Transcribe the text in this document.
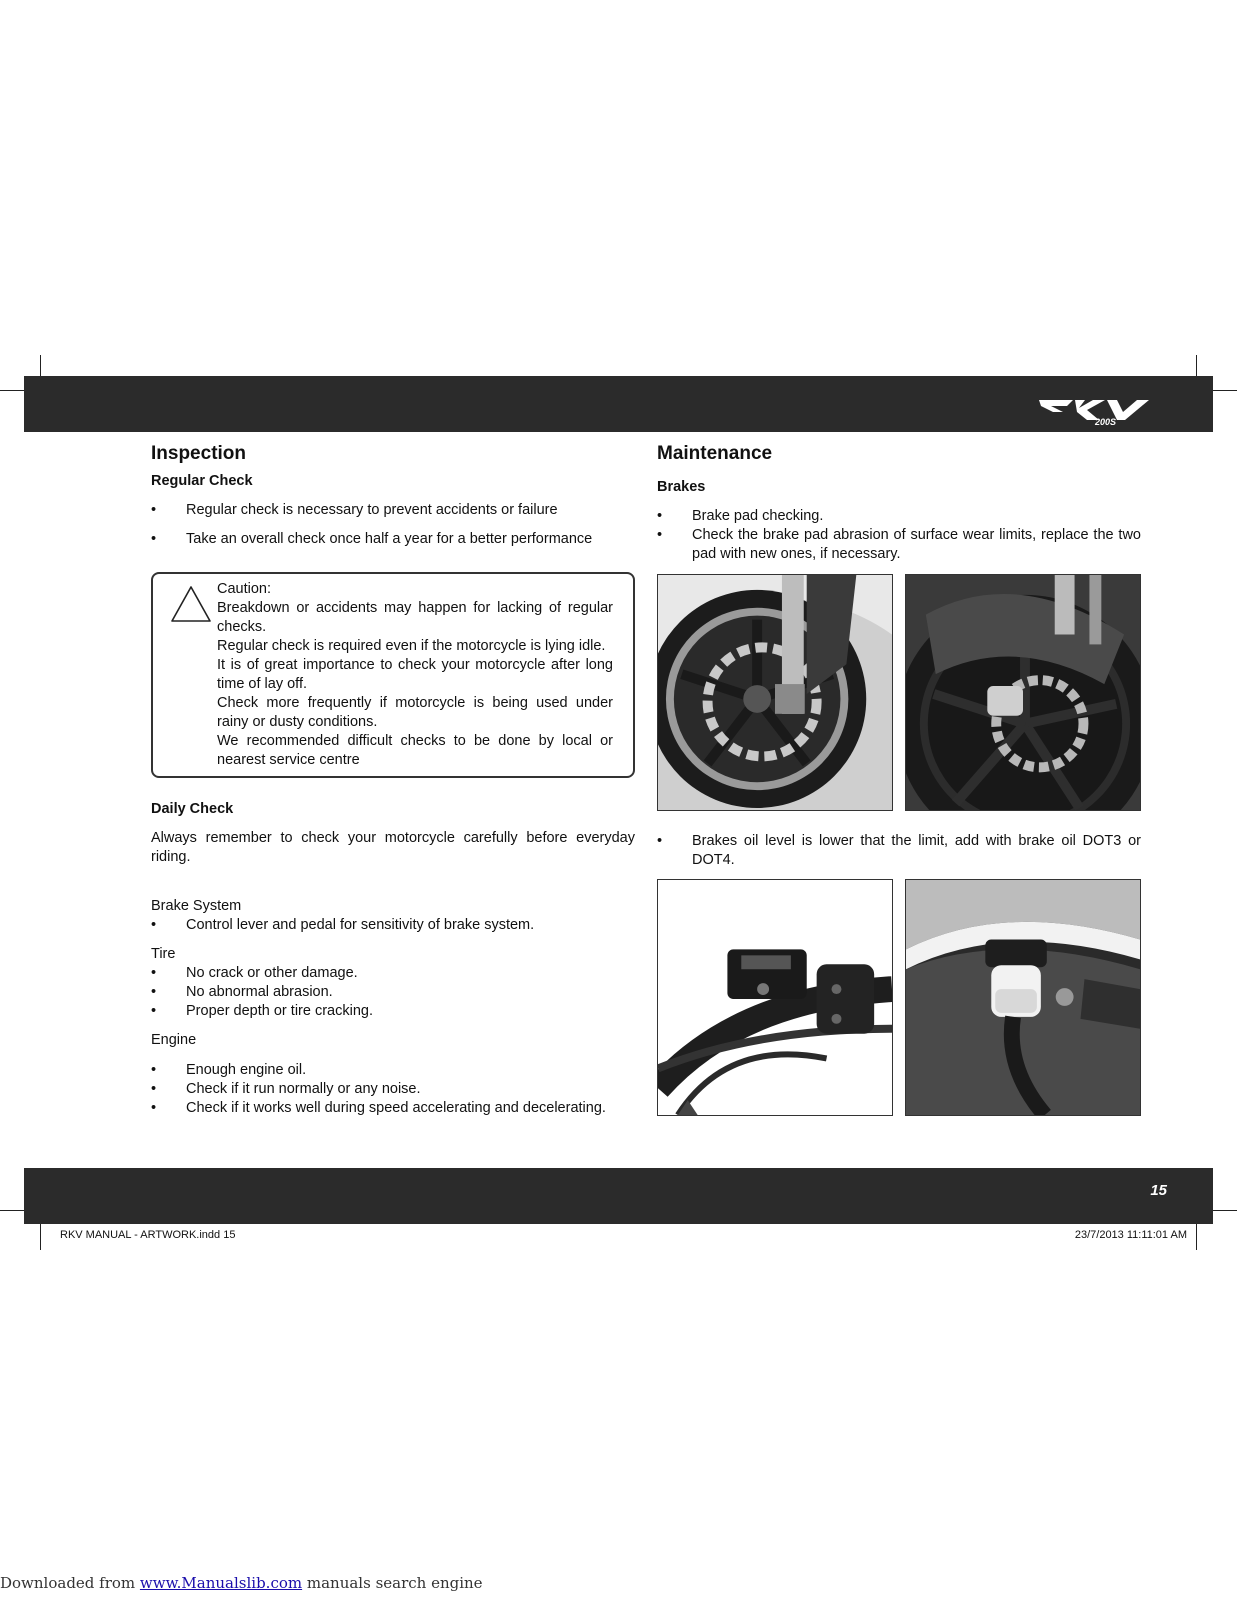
200S
Inspection
Regular Check
• Regular check is necessary to prevent accidents or failure
• Take an overall check once half a year for a better performance

Caution:

Breakdown or accidents may happen for lacking of regular checks.

Regular check is required even if the motorcycle is lying idle.

It is of great importance to check your motorcycle after long time of lay off.

Check more frequently if motorcycle is being used under rainy or dusty conditions.

We recommended difficult checks to be done by local or nearest service centre

Daily Check

Always remember to check your motorcycle carefully before everyday riding.

Brake System

• Control lever and pedal for sensitivity of brake system.

Tire

• No crack or other damage.
• No abnormal abrasion.
• Proper depth or tire cracking.

Engine

• Enough engine oil.
• Check if it run normally or any noise.
• Check if it works well during speed accelerating and decelerating.
Maintenance
Brakes
• Brake pad checking.
• Check the brake pad abrasion of surface wear limits, replace the two pad with new ones, if necessary.
• Brakes oil level is lower that the limit, add with brake oil DOT3 or DOT4.
15
RKV MANUAL - ARTWORK.indd 15	23/7/2013 11:11:01 AM
Downloaded from www.Manualslib.com manuals search engine
